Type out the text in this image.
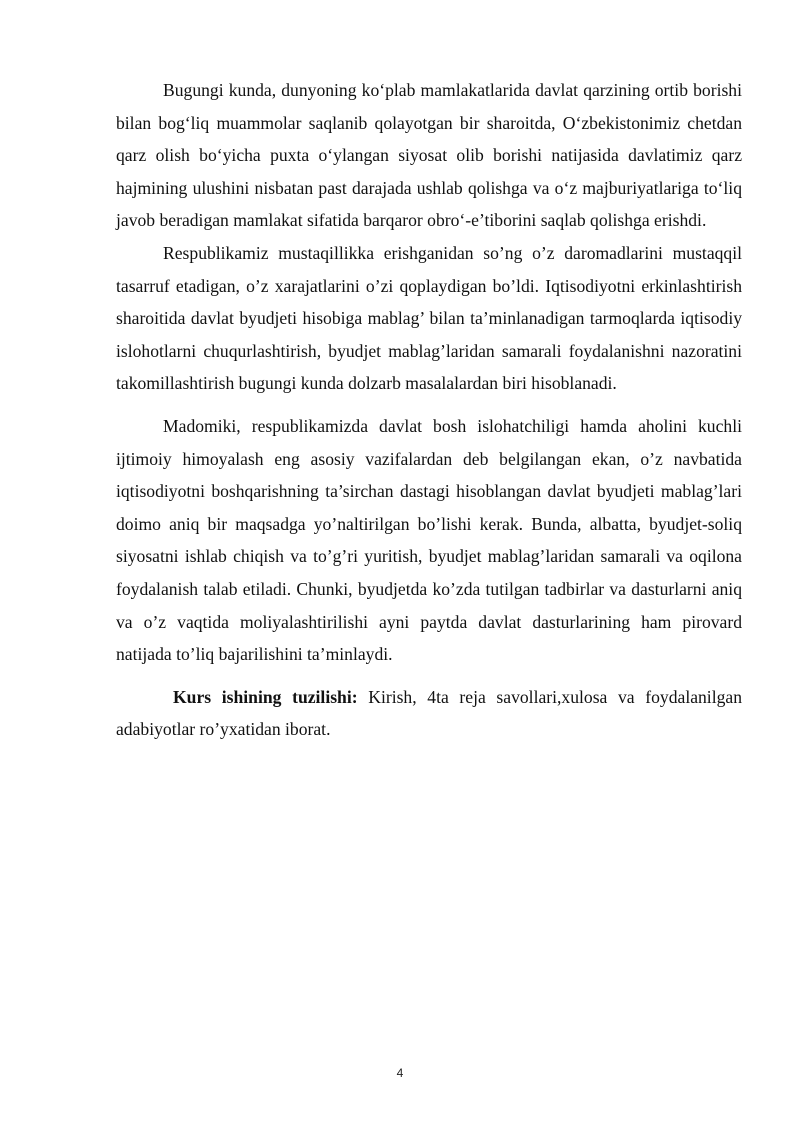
Bugungi kunda, dunyoning ko‘plab mamlakatlarida davlat qarzining ortib borishi bilan bog‘liq muammolar saqlanib qolayotgan bir sharoitda, O‘zbekistonimiz chetdan qarz olish bo‘yicha puxta o‘ylangan siyosat olib borishi natijasida davlatimiz qarz hajmining ulushini nisbatan past darajada ushlab qolishga va o‘z majburiyatlariga to‘liq javob beradigan mamlakat sifatida barqaror obro‘-e’tiborini saqlab qolishga erishdi.

Respublikamiz mustaqillikka erishganidan so’ng o’z daromadlarini mustaqqil tasarruf etadigan, o’z xarajatlarini o’zi qoplaydigan bo’ldi. Iqtisodiyotni erkinlashtirish sharoitida davlat byudjeti hisobiga mablag’ bilan ta’minlanadigan tarmoqlarda iqtisodiy islohotlarni chuqurlashtirish, byudjet mablag’laridan samarali foydalanishni nazoratini takomillashtirish bugungi kunda dolzarb masalalardan biri hisoblanadi.

Madomiki, respublikamizda davlat bosh islohatchiligi hamda aholini kuchli ijtimoiy himoyalash eng asosiy vazifalardan deb belgilangan ekan, o’z navbatida iqtisodiyotni boshqarishning ta’sirchan dastagi hisoblangan davlat byudjeti mablag’lari doimo aniq bir maqsadga yo’naltirilgan bo’lishi kerak. Bunda, albatta, byudjet-soliq siyosatni ishlab chiqish va to’g’ri yuritish, byudjet mablag’laridan samarali va oqilona foydalanish talab etiladi. Chunki, byudjetda ko’zda tutilgan tadbirlar va dasturlarni aniq va o’z vaqtida moliyalashtirilishi ayni paytda davlat dasturlarining ham pirovard natijada to’liq bajarilishini ta’minlaydi.

Kurs ishining tuzilishi: Kirish, 4ta reja savollari,xulosa va foydalanilgan adabiyotlar ro’yxatidan iborat.

4
